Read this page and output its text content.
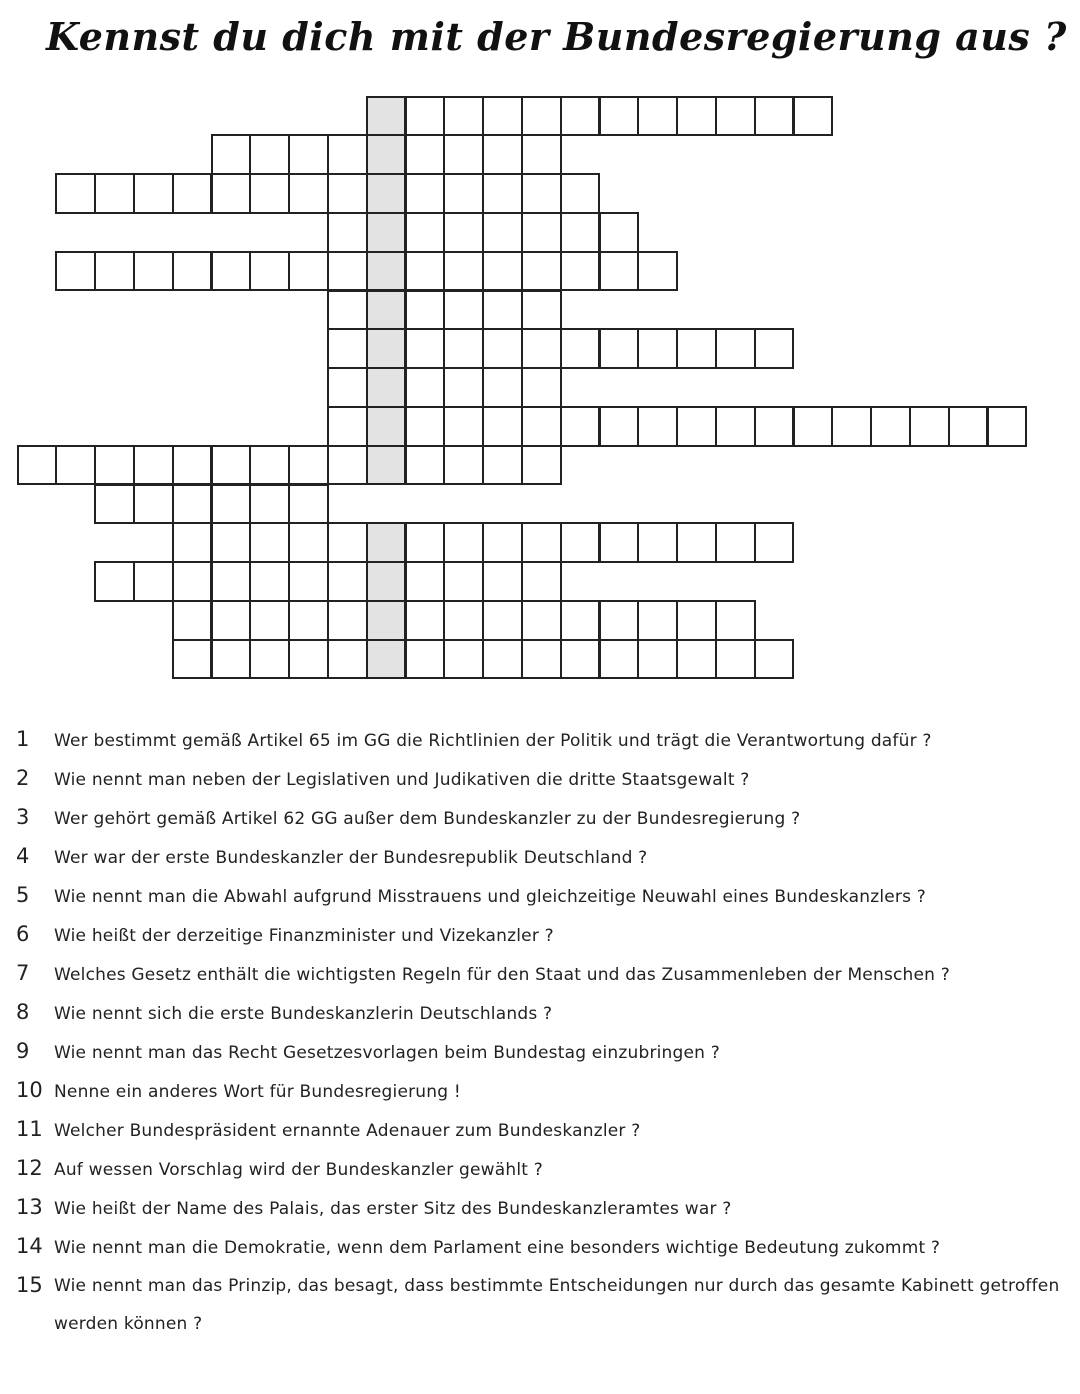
Kennst du dich mit der Bundesregierung aus ?
1	Wer bestimmt gemäß Artikel 65 im GG die Richtlinien der Politik und trägt die Verantwortung dafür ?
2	Wie nennt man neben der Legislativen und Judikativen die dritte Staatsgewalt ?
3	Wer gehört gemäß Artikel 62 GG außer dem Bundeskanzler zu der Bundesregierung ?
4	Wer war der erste Bundeskanzler der Bundesrepublik Deutschland ?
5	Wie nennt man die Abwahl aufgrund Misstrauens und gleichzeitige Neuwahl eines Bundeskanzlers ?
6	Wie heißt der derzeitige Finanzminister und Vizekanzler ?
7	Welches Gesetz enthält die wichtigsten Regeln für den Staat und das Zusammenleben der Menschen ?
8	Wie nennt sich die erste Bundeskanzlerin Deutschlands ?
9	Wie nennt man das Recht Gesetzesvorlagen beim Bundestag einzubringen ?
10 Nenne ein anderes Wort für Bundesregierung !
11 Welcher Bundespräsident ernannte Adenauer zum Bundeskanzler ?
12 Auf wessen Vorschlag wird der Bundeskanzler gewählt ?
13 Wie heißt der Name des Palais, das erster Sitz des Bundeskanzleramtes war ?
14 Wie nennt man die Demokratie, wenn dem Parlament eine besonders wichtige Bedeutung zukommt ?
15 Wie nennt man das Prinzip, das besagt, dass bestimmte Entscheidungen nur durch das gesamte Kabinett getroffen werden können ?
